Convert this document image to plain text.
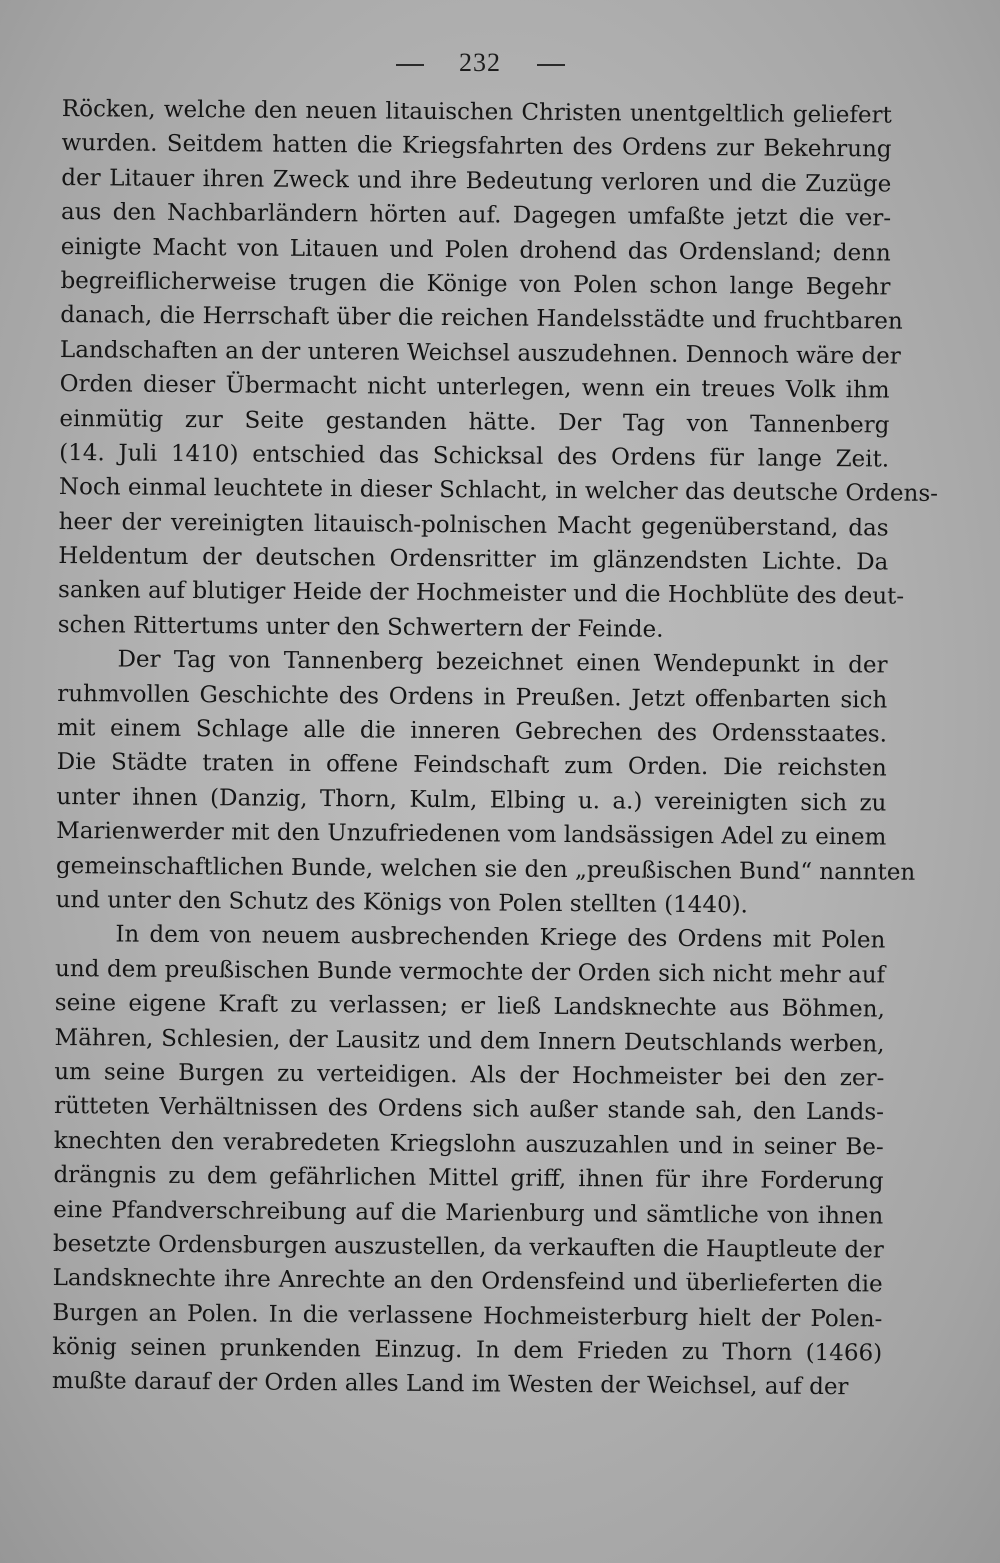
232
Röcken, welche den neuen litauischen Christen unentgeltlich geliefert
wurden. Seitdem hatten die Kriegsfahrten des Ordens zur Bekehrung
der Litauer ihren Zweck und ihre Bedeutung verloren und die Zuzüge
aus den Nachbarländern hörten auf. Dagegen umfaßte jetzt die ver-
einigte Macht von Litauen und Polen drohend das Ordensland; denn
begreiflicherweise trugen die Könige von Polen schon lange Begehr
danach, die Herrschaft über die reichen Handelsstädte und fruchtbaren
Landschaften an der unteren Weichsel auszudehnen. Dennoch wäre der
Orden dieser Übermacht nicht unterlegen, wenn ein treues Volk ihm
einmütig zur Seite gestanden hätte. Der Tag von Tannenberg
(14. Juli 1410) entschied das Schicksal des Ordens für lange Zeit.
Noch einmal leuchtete in dieser Schlacht, in welcher das deutsche Ordens-
heer der vereinigten litauisch-polnischen Macht gegenüberstand, das
Heldentum der deutschen Ordensritter im glänzendsten Lichte. Da
sanken auf blutiger Heide der Hochmeister und die Hochblüte des deut-
schen Rittertums unter den Schwertern der Feinde.
Der Tag von Tannenberg bezeichnet einen Wendepunkt in der
ruhmvollen Geschichte des Ordens in Preußen. Jetzt offenbarten sich
mit einem Schlage alle die inneren Gebrechen des Ordensstaates.
Die Städte traten in offene Feindschaft zum Orden. Die reichsten
unter ihnen (Danzig, Thorn, Kulm, Elbing u. a.) vereinigten sich zu
Marienwerder mit den Unzufriedenen vom landsässigen Adel zu einem
gemeinschaftlichen Bunde, welchen sie den „preußischen Bund“ nannten
und unter den Schutz des Königs von Polen stellten (1440).
In dem von neuem ausbrechenden Kriege des Ordens mit Polen
und dem preußischen Bunde vermochte der Orden sich nicht mehr auf
seine eigene Kraft zu verlassen; er ließ Landsknechte aus Böhmen,
Mähren, Schlesien, der Lausitz und dem Innern Deutschlands werben,
um seine Burgen zu verteidigen. Als der Hochmeister bei den zer-
rütteten Verhältnissen des Ordens sich außer stande sah, den Lands-
knechten den verabredeten Kriegslohn auszuzahlen und in seiner Be-
drängnis zu dem gefährlichen Mittel griff, ihnen für ihre Forderung
eine Pfandverschreibung auf die Marienburg und sämtliche von ihnen
besetzte Ordensburgen auszustellen, da verkauften die Hauptleute der
Landsknechte ihre Anrechte an den Ordensfeind und überlieferten die
Burgen an Polen. In die verlassene Hochmeisterburg hielt der Polen-
könig seinen prunkenden Einzug. In dem Frieden zu Thorn (1466)
mußte darauf der Orden alles Land im Westen der Weichsel, auf der
